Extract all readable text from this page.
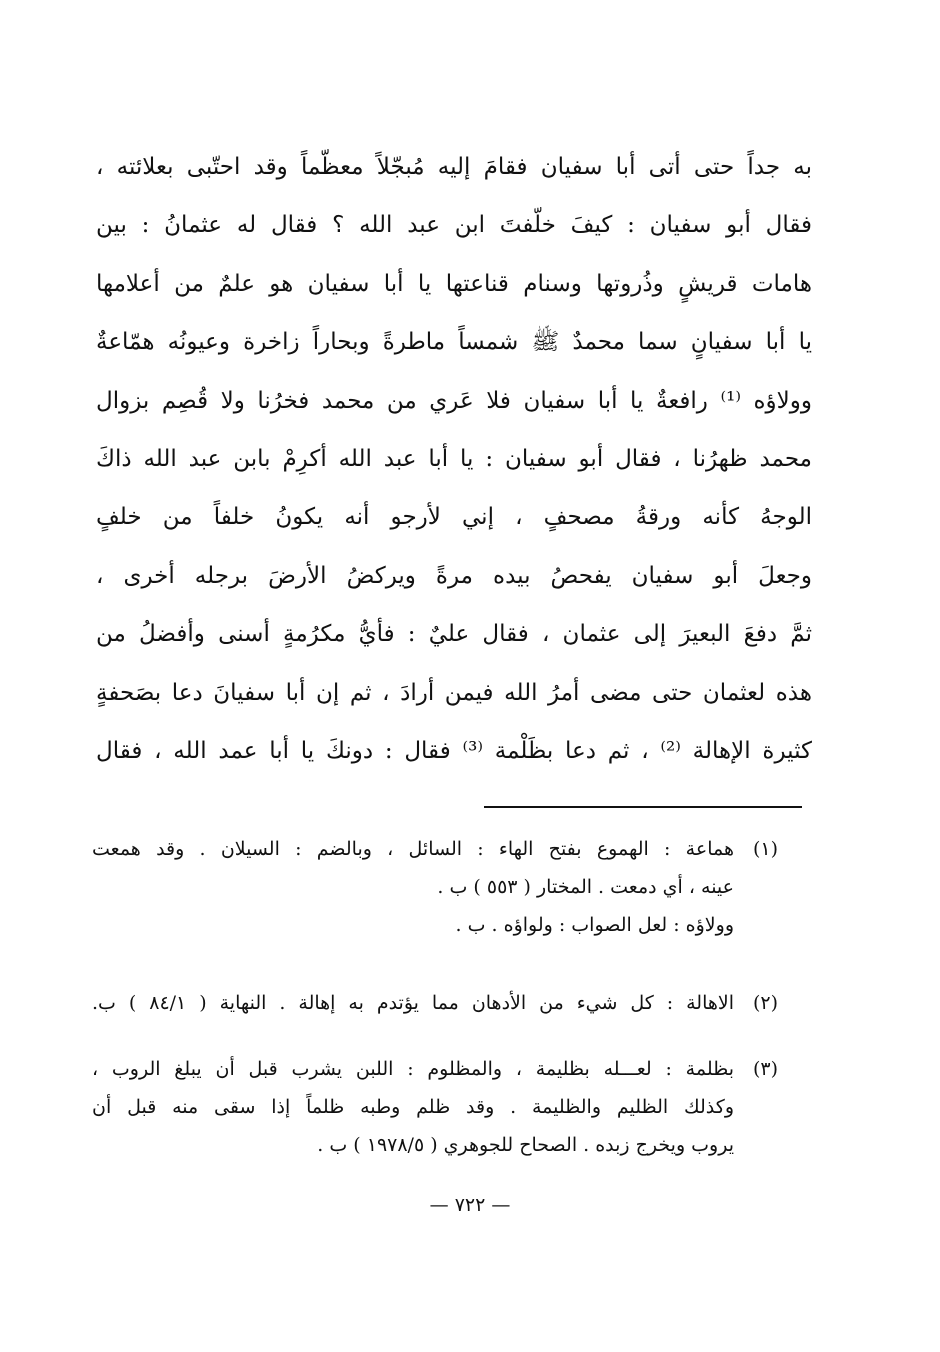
به جداً حتى أتى أبا سفيان فقامَ إليه مُبجّلاً معظّماً وقد احتّبى بعلائته ،
فقال أبو سفيان : كيفَ خلّفتَ ابن عبد الله ؟ فقال له عثمانُ : بين
هامات قريشٍ وذُروتها وسنام قناعتها يا أبا سفيان هو علمٌ من أعلامها
يا أبا سفيانٍ سما محمدٌ ﷺ شمساً ماطرةً وبحاراً زاخرة وعيونُه همّاعةٌ
وولاؤه ⁽¹⁾ رافعةٌ يا أبا سفيان فلا عَري من محمد فخرُنا ولا قُصِم بزوال
محمد ظهرُنا ، فقال أبو سفيان : يا أبا عبد الله أكرِمْ بابن عبد الله ذاكَ
الوجهُ كأنه ورقةُ مصحفٍ ، إني لأرجو أنه يكونُ خلفاً من خلفٍ
وجعلَ أبو سفيان يفحصُ بيده مرةً ويركضُ الأرضَ برجله أخرى ،
ثمَّ دفعَ البعيرَ إلى عثمان ، فقال عليٌ : فأيُّ مكرُمةٍ أسنى وأفضلُ من
هذه لعثمان حتى مضى أمرُ الله فيمن أرادَ ، ثم إن أبا سفيانَ دعا بصَحفةٍ
كثيرة الإهالة ⁽²⁾ ، ثم دعا بظَلْمة ⁽³⁾ فقال : دونكَ يا أبا عمد الله ، فقال
(١)هماعة : الهموع بفتح الهاء : السائل ، وبالضم : السيلان . وقد همعت
عينه ، أي دمعت . المختار ( ٥٥٣ ) ب .
وولاؤه : لعل الصواب : ولواؤه . ب .
(٢)الاهالة : كل شيء من الأدهان مما يؤتدم به إهالة . النهاية ( ٨٤/١ ) ب.
(٣)بظلمة : لعـــله بظليمة ، والمظلوم : اللبن يشرب قبل أن يبلغ الروب ،
وكذلك الظليم والظليمة . وقد ظلم وطبه ظلماً إذا سقى منه قبل أن
يروب ويخرج زبده . الصحاح للجوهري ( ١٩٧٨/٥ ) ب .
— ٧٢٢ —
